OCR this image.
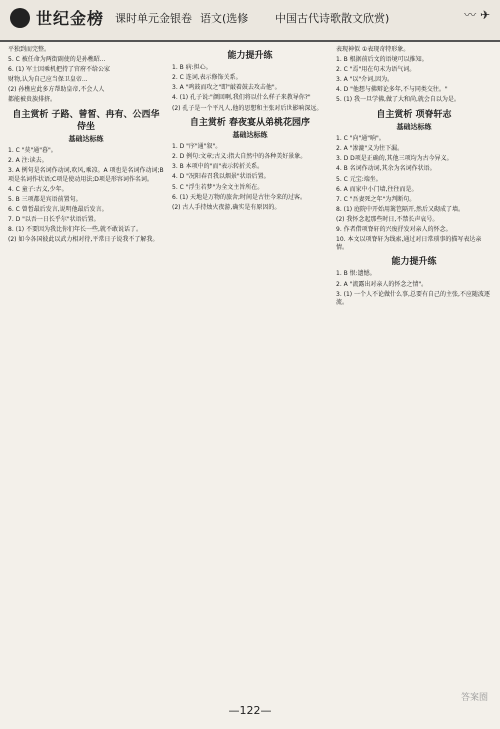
世纪金榜 课时单元金银卷 语文(选修 中国古代诗歌散文欣赏)	〰 ✈

平独到而完整。

5. C 被任命为两街副使的是孙樵昭...

6. (1) 军士因乘机把持了官府不给公家

财物,认为自己应当保卫皇帝...

(2) 孙樵应此多方帮助皇帝,不会人人

都能被贵族排挤。

自主赏析 子路、曾皙、冉有、公西华侍坐
基础达标练

1. C "莫"通"暮"。

2. A 注:读去。

3. A 例句是名词作动词,吹风,乘凉。A 项也是名词作动词;B项是名词作状语;C项是使动用法;D项是形容词作名词。

4. C 童子:古义,少年。

5. B 三项都是宾语前置句。

6. C 曾皙最后发言,说明他最后发言。

7. D "以吾一日长乎尔"状语后置。

8. (1) 不要因为我比你们年长一些,就不敢说话了。

(2) 如今各国彼此以武力相对待,平常日子说我不了解我。

能力提升练

1. B 病:担心。

2. C 连词,表示修饰关系。

3. A "鸣鼓而攻之"即"敲着鼓去攻击他"。

4. (1) 孔子说:"颜回啊,我们将以什么样子来教导你?"

(2) 孔子是一个平凡人,他的思想和主张对后世影响深远。

自主赏析 春夜宴从弟桃花园序
基础达标练

1. D "序"通"叙"。

2. D 例句:文章;古义:指大自然中的各种美好景象。

3. B 本项中的"而"表示转折关系。

4. D "况阳春召我以烟景"状语后置。

5. C "浮生若梦"为全文主旨所在。

6. (1) 天地是万物的旅舍;时间是古往今来的过客。

(2) 古人手持烛火夜游,确实是有原因的。

表现神似 ①表现奇特形象。

1. B 根据前后文的语境可以推知。

2. C "焉"用在句末为语气词。

3. A "以"介词,因为。

4. D "他想与佛辩论多年,不与同类交往。"

5. (1) 我一旦学佛,做了大和尚,就会自以为是。

自主赏析 项脊轩志
基础达标练

1. C "向"通"晌"。

2. A "渗漉"义为往下漏。

3. D D项是正确的,其他三项均为古今异义。

4. B 名词作动词,其余为名词作状语。

5. C 元宝:端坐。

6. A 而家中小门墙,往往而是。

7. C "吾妻死之年"为判断句。

8. (1) 庭院中开始用篱笆隔开,然后又砌成了墙。

(2) 我怀念起那些时日,不禁长声哀号。

9. 作者借项脊轩的兴废抒发对亲人的怀念。

10. 本文以项脊轩为线索,通过对日常琐事的描写表达亲情。

能力提升练

1. B 恨:遗憾。

2. A "流露出对亲人的怀念之情"。

3. (1) 一个人不论做什么事,总要有自己的主张,不应随波逐流。

答案圈
—122—
